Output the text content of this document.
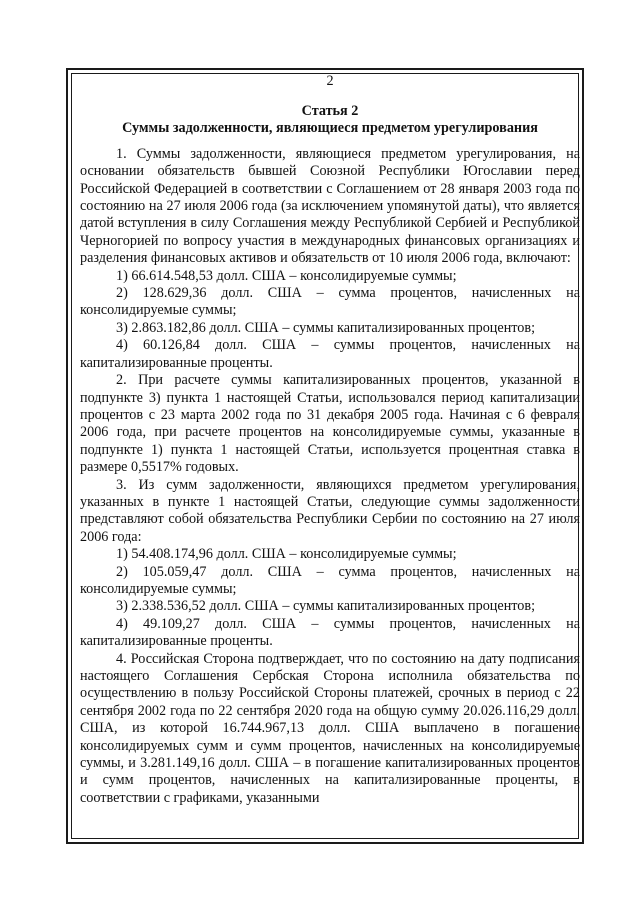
2
Статья 2
Суммы задолженности, являющиеся предметом урегулирования

1. Суммы задолженности, являющиеся предметом урегулирования, на основании обязательств бывшей Союзной Республики Югославии перед Российской Федерацией в соответствии с Соглашением от 28 января 2003 года по состоянию на 27 июля 2006 года (за исключением упомянутой даты), что является датой вступления в силу Соглашения между Республикой Сербией и Республикой Черногорией по вопросу участия в международных финансовых организациях и разделения финансовых активов и обязательств от 10 июля 2006 года, включают:

1) 66.614.548,53 долл. США – консолидируемые суммы;

2) 128.629,36 долл. США – сумма процентов, начисленных на консолидируемые суммы;

3) 2.863.182,86 долл. США – суммы капитализированных процентов;

4) 60.126,84 долл. США – суммы процентов, начисленных на капитализированные проценты.

2. При расчете суммы капитализированных процентов, указанной в подпункте 3) пункта 1 настоящей Статьи, использовался период капитализации процентов с 23 марта 2002 года по 31 декабря 2005 года. Начиная с 6 февраля 2006 года, при расчете процентов на консолидируемые суммы, указанные в подпункте 1) пункта 1 настоящей Статьи, используется процентная ставка в размере 0,5517% годовых.

3. Из сумм задолженности, являющихся предметом урегулирования, указанных в пункте 1 настоящей Статьи, следующие суммы задолженности представляют собой обязательства Республики Сербии по состоянию на 27 июля 2006 года:

1) 54.408.174,96 долл. США – консолидируемые суммы;

2) 105.059,47 долл. США – сумма процентов, начисленных на консолидируемые суммы;

3) 2.338.536,52 долл. США – суммы капитализированных процентов;

4) 49.109,27 долл. США – суммы процентов, начисленных на капитализированные проценты.

4. Российская Сторона подтверждает, что по состоянию на дату подписания настоящего Соглашения Сербская Сторона исполнила обязательства по осуществлению в пользу Российской Стороны платежей, срочных в период с 22 сентября 2002 года по 22 сентября 2020 года на общую сумму 20.026.116,29 долл. США, из которой 16.744.967,13 долл. США выплачено в погашение консолидируемых сумм и сумм процентов, начисленных на консолидируемые суммы, и 3.281.149,16 долл. США – в погашение капитализированных процентов и сумм процентов, начисленных на капитализированные проценты, в соответствии с графиками, указанными
